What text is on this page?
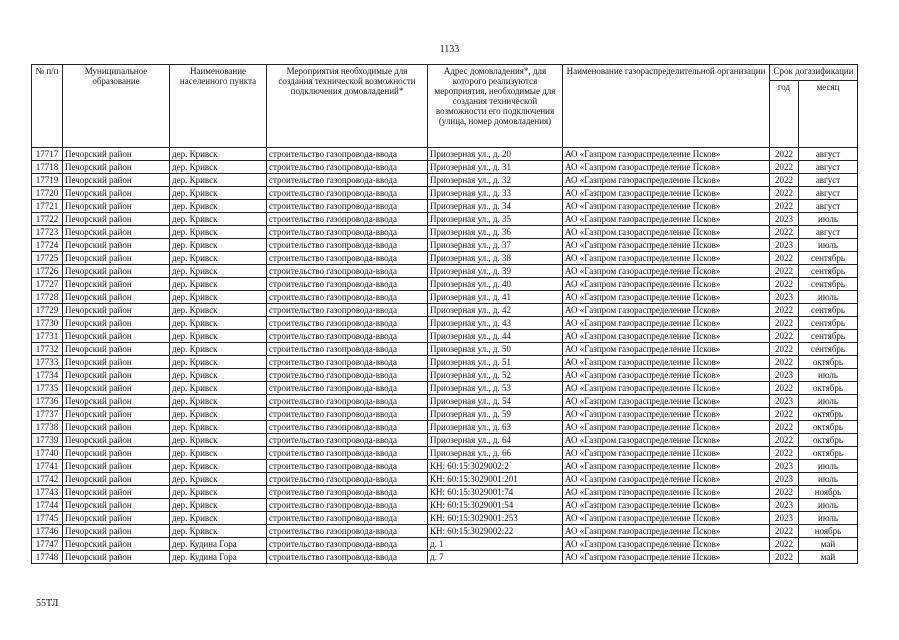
1133
№ п/п	Муниципальное образование	Наименование населенного пункта	Мероприятия необходимые для создания технической возможности подключения домовладений*	Адрес домовладения*, для которого реализуются мероприятия, необходимые для создания технической возможности его подключения (улица, номер домовладения)	Наименование газораспределительной организации	Срок догазификации	
						год	месяц
17717	Печорский район	дер. Кривск	строительство газопровода-ввода	Приозерная ул., д. 20	АО «Газпром газораспределение Псков»	2022	август
17718	Печорский район	дер. Кривск	строительство газопровода-ввода	Приозерная ул., д. 31	АО «Газпром газораспределение Псков»	2022	август
17719	Печорский район	дер. Кривск	строительство газопровода-ввода	Приозерная ул., д. 32	АО «Газпром газораспределение Псков»	2022	август
17720	Печорский район	дер. Кривск	строительство газопровода-ввода	Приозерная ул., д. 33	АО «Газпром газораспределение Псков»	2022	август
17721	Печорский район	дер. Кривск	строительство газопровода-ввода	Приозерная ул., д. 34	АО «Газпром газораспределение Псков»	2022	август
17722	Печорский район	дер. Кривск	строительство газопровода-ввода	Приозерная ул., д. 35	АО «Газпром газораспределение Псков»	2023	июль
17723	Печорский район	дер. Кривск	строительство газопровода-ввода	Приозерная ул., д. 36	АО «Газпром газораспределение Псков»	2022	август
17724	Печорский район	дер. Кривск	строительство газопровода-ввода	Приозерная ул., д. 37	АО «Газпром газораспределение Псков»	2023	июль
17725	Печорский район	дер. Кривск	строительство газопровода-ввода	Приозерная ул., д. 38	АО «Газпром газораспределение Псков»	2022	сентябрь
17726	Печорский район	дер. Кривск	строительство газопровода-ввода	Приозерная ул., д. 39	АО «Газпром газораспределение Псков»	2022	сентябрь
17727	Печорский район	дер. Кривск	строительство газопровода-ввода	Приозерная ул., д. 40	АО «Газпром газораспределение Псков»	2022	сентябрь
17728	Печорский район	дер. Кривск	строительство газопровода-ввода	Приозерная ул., д. 41	АО «Газпром газораспределение Псков»	2023	июль
17729	Печорский район	дер. Кривск	строительство газопровода-ввода	Приозерная ул., д. 42	АО «Газпром газораспределение Псков»	2022	сентябрь
17730	Печорский район	дер. Кривск	строительство газопровода-ввода	Приозерная ул., д. 43	АО «Газпром газораспределение Псков»	2022	сентябрь
17731	Печорский район	дер. Кривск	строительство газопровода-ввода	Приозерная ул., д. 44	АО «Газпром газораспределение Псков»	2022	сентябрь
17732	Печорский район	дер. Кривск	строительство газопровода-ввода	Приозерная ул., д. 50	АО «Газпром газораспределение Псков»	2022	сентябрь
17733	Печорский район	дер. Кривск	строительство газопровода-ввода	Приозерная ул., д. 51	АО «Газпром газораспределение Псков»	2022	октябрь
17734	Печорский район	дер. Кривск	строительство газопровода-ввода	Приозерная ул., д. 52	АО «Газпром газораспределение Псков»	2023	июль
17735	Печорский район	дер. Кривск	строительство газопровода-ввода	Приозерная ул., д. 53	АО «Газпром газораспределение Псков»	2022	октябрь
17736	Печорский район	дер. Кривск	строительство газопровода-ввода	Приозерная ул., д. 54	АО «Газпром газораспределение Псков»	2023	июль
17737	Печорский район	дер. Кривск	строительство газопровода-ввода	Приозерная ул., д. 59	АО «Газпром газораспределение Псков»	2022	октябрь
17738	Печорский район	дер. Кривск	строительство газопровода-ввода	Приозерная ул., д. 63	АО «Газпром газораспределение Псков»	2022	октябрь
17739	Печорский район	дер. Кривск	строительство газопровода-ввода	Приозерная ул., д. 64	АО «Газпром газораспределение Псков»	2022	октябрь
17740	Печорский район	дер. Кривск	строительство газопровода-ввода	Приозерная ул., д. 66	АО «Газпром газораспределение Псков»	2022	октябрь
17741	Печорский район	дер. Кривск	строительство газопровода-ввода	КН: 60:15:3029002:2	АО «Газпром газораспределение Псков»	2023	июль
17742	Печорский район	дер. Кривск	строительство газопровода-ввода	КН: 60:15:3029001:201	АО «Газпром газораспределение Псков»	2023	июль
17743	Печорский район	дер. Кривск	строительство газопровода-ввода	КН: 60:15:3029001:74	АО «Газпром газораспределение Псков»	2022	ноябрь
17744	Печорский район	дер. Кривск	строительство газопровода-ввода	КН: 60:15:3029001:54	АО «Газпром газораспределение Псков»	2023	июль
17745	Печорский район	дер. Кривск	строительство газопровода-ввода	КН: 60:15:3029001:253	АО «Газпром газораспределение Псков»	2023	июль
17746	Печорский район	дер. Кривск	строительство газопровода-ввода	КН: 60:15:3029002:22	АО «Газпром газораспределение Псков»	2022	ноябрь
17747	Печорский район	дер. Кудина Гора	строительство газопровода-ввода	д. 1	АО «Газпром газораспределение Псков»	2022	май
17748	Печорский район	дер. Кудина Гора	строительство газопровода-ввода	д. 7	АО «Газпром газораспределение Псков»	2022	май
55ТЛ
